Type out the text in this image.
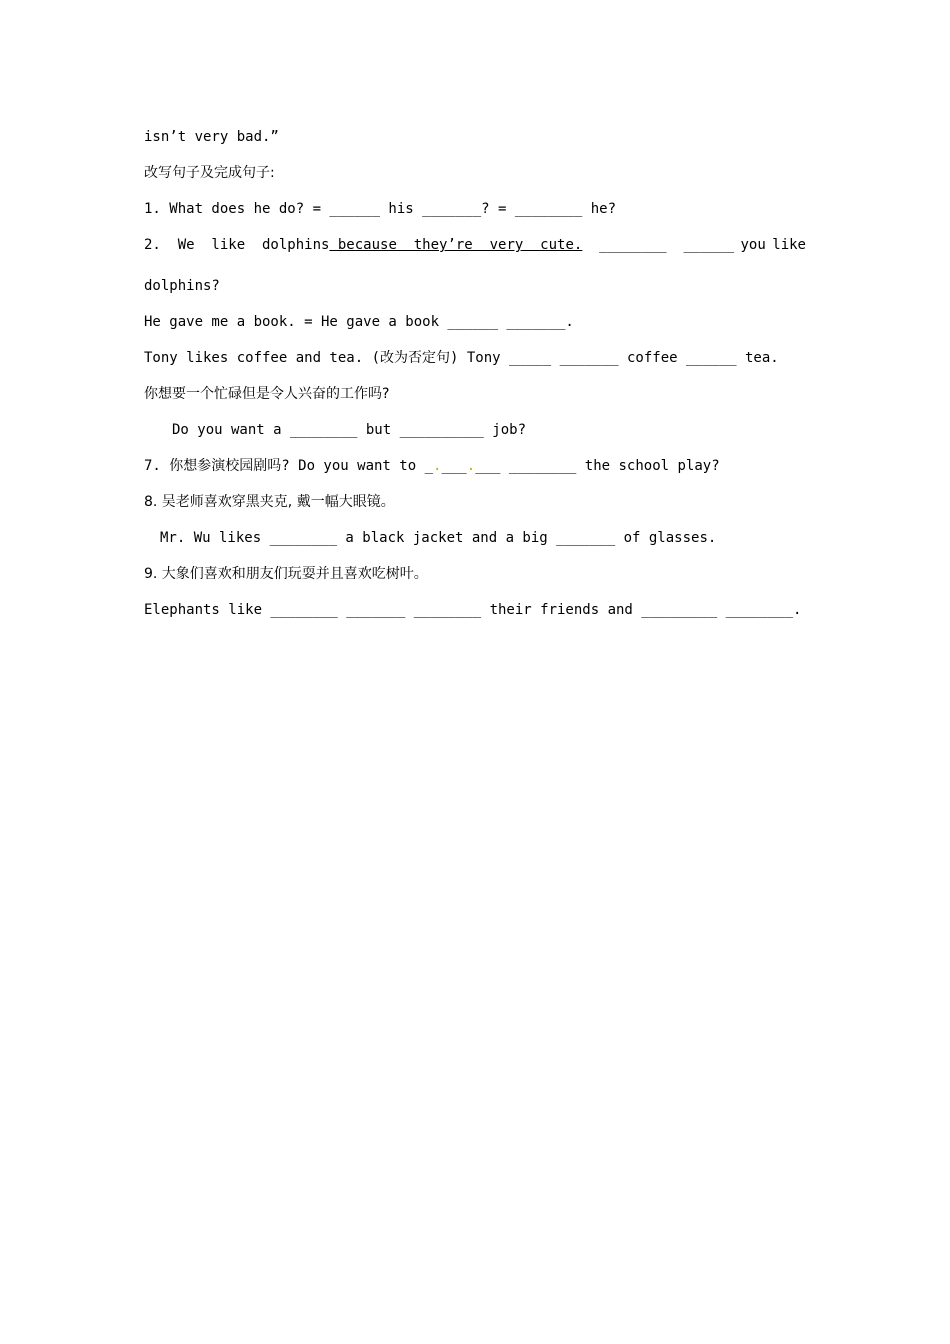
isn’t very bad.”
改写句子及完成句子:
1. What does he do? = ______ his _______? = ________ he?
2.  We  like  dolphins because  they’re  very  cute.  ________  ______ you like
dolphins?
He gave me a book. = He gave a book ______ _______.
Tony likes coffee and tea. (改为否定句) Tony _____ _______ coffee ______ tea.
你想要一个忙碌但是令人兴奋的工作吗?
Do you want a ________ but __________ job?
7. 你想参演校园剧吗? Do you want to _.___.___ ________ the school play?
8. 吴老师喜欢穿黑夹克, 戴一幅大眼镜。
Mr. Wu likes ________ a black jacket and a big _______ of glasses.
9. 大象们喜欢和朋友们玩耍并且喜欢吃树叶。
Elephants like ________ _______ ________ their friends and _________ ________.
